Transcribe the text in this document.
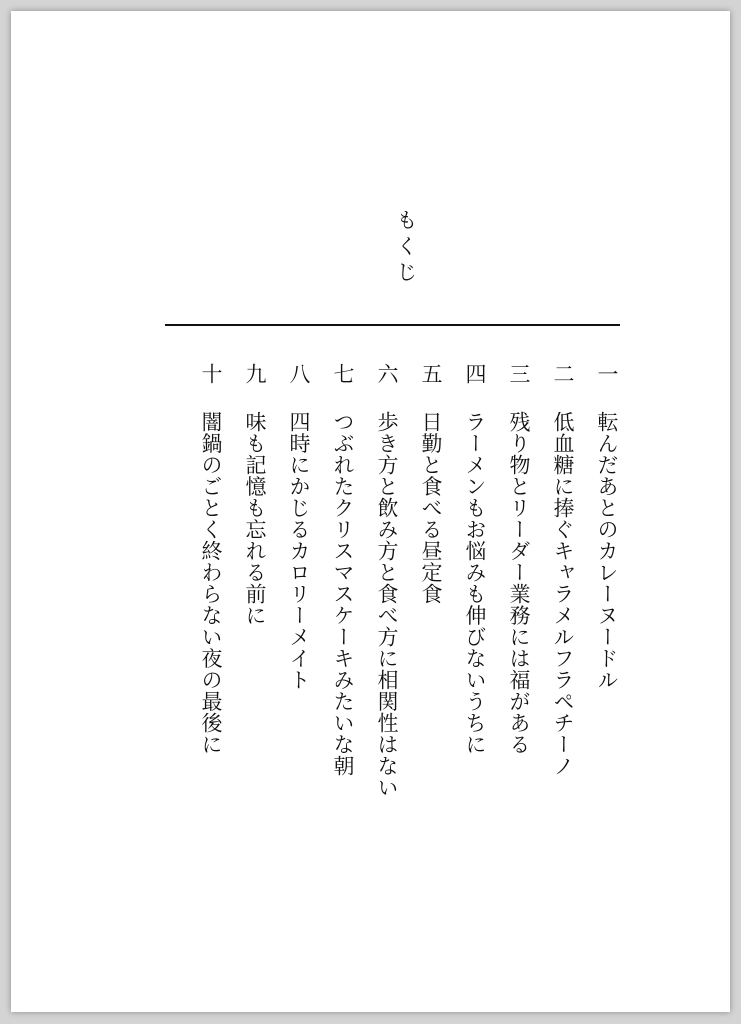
もくじ
一
転んだあとのカレーヌードル
二
低血糖に捧ぐキャラメルフラペチーノ
三
残り物とリーダー業務には福がある
四
ラーメンもお悩みも伸びないうちに
五
日勤と食べる昼定食
六
歩き方と飲み方と食べ方に相関性はない
七
つぶれたクリスマスケーキみたいな朝
八
四時にかじるカロリーメイト
九
味も記憶も忘れる前に
十
闇鍋のごとく終わらない夜の最後に
